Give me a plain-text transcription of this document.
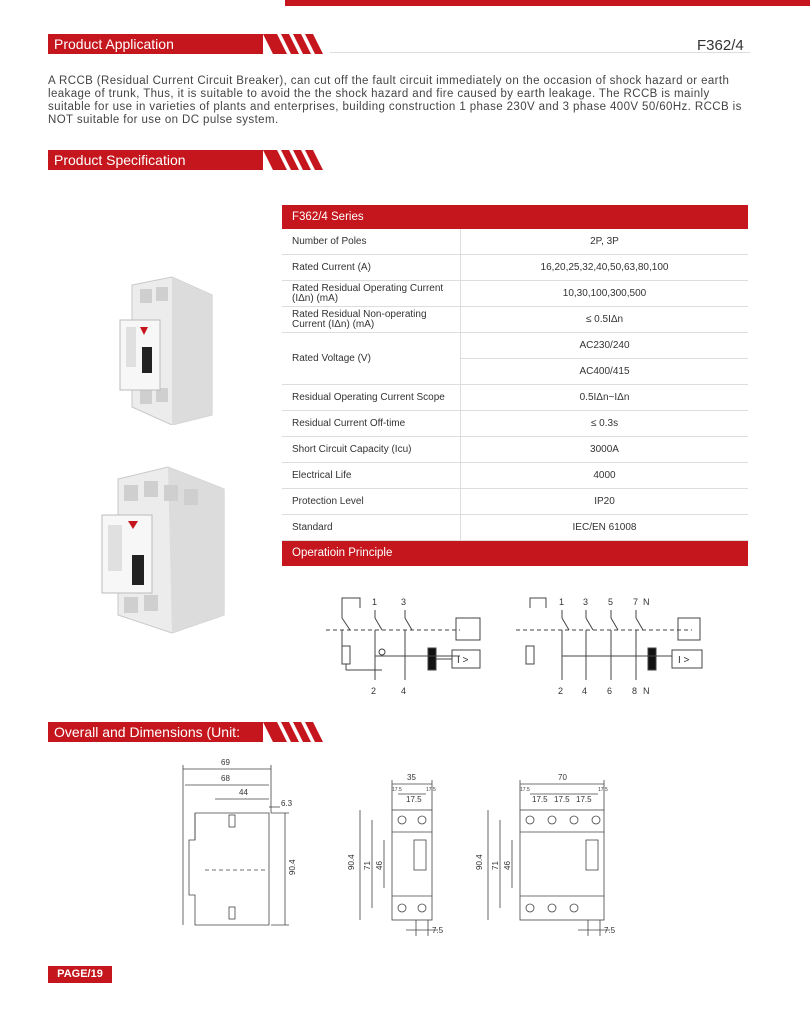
Product Application	F362/4
A RCCB (Residual Current Circuit Breaker), can cut off the fault circuit immediately on the occasion of shock hazard or earth leakage of trunk, Thus, it is suitable to avoid the the shock hazard and fire caused by earth leakage. The RCCB is mainly suitable for use in varieties of plants and enterprises, building construction 1 phase 230V and 3 phase 400V 50/60Hz. RCCB is NOT suitable for use on DC pulse system.
Product Specification
F362/4 Series	
Number of Poles	2P, 3P
Rated Current (A)	16,20,25,32,40,50,63,80,100
Rated Residual Operating Current (IΔn) (mA)	10,30,100,300,500
Rated Residual Non-operating Current (IΔn) (mA)	≤ 0.5IΔn
Rated Voltage (V)	AC230/240
	AC400/415
Residual Operating Current Scope	0.5IΔn~IΔn
Residual Current Off-time	≤ 0.3s
Short Circuit Capacity (Icu)	3000A
Electrical Life	4000
Protection Level	IP20
Standard	IEC/EN 61008
Operatioin Principle
1	3
I >
2	4
1 3 5 7 N
I >
2 4 6 8 N
Overall and Dimensions (Unit: mm)
69
68
44
6.3
90.4
35
17.5	17.5
17.5
90.4 71 46
7.5
70
17.5	17.5
17.5 17.5 17.5
90.4 71 46
7.5
PAGE/19
